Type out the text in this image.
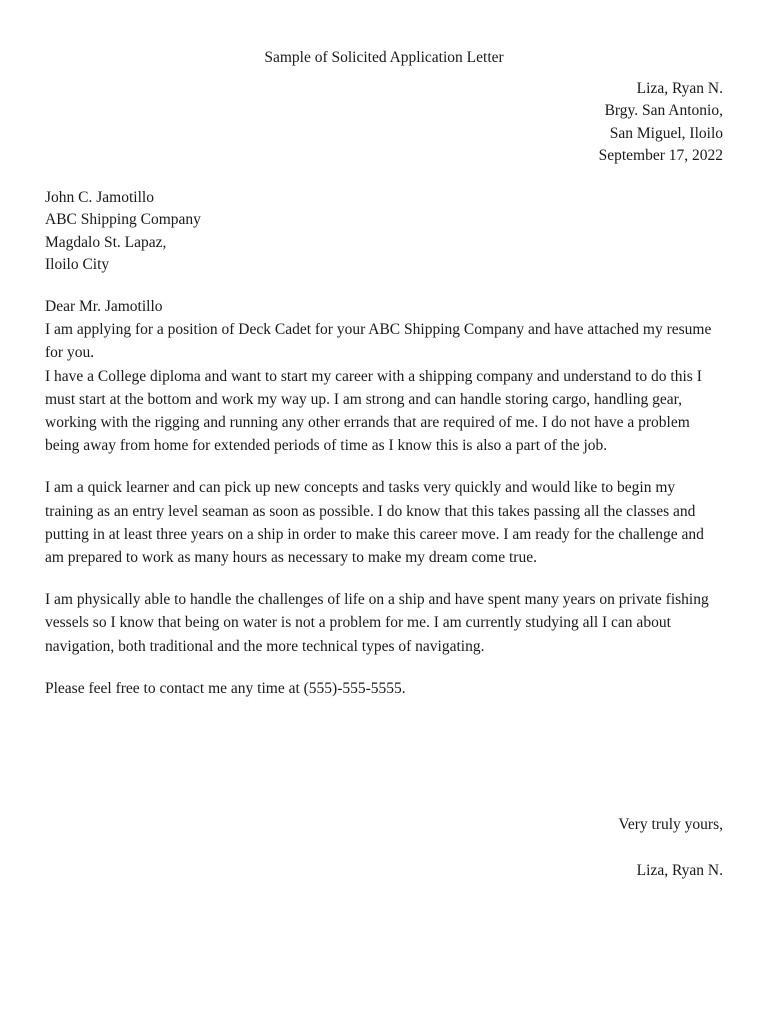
Sample of Solicited Application Letter
Liza, Ryan N.
Brgy. San Antonio,
San Miguel, Iloilo
September 17, 2022
John C. Jamotillo
ABC Shipping Company
Magdalo St. Lapaz,
Iloilo City

Dear Mr. Jamotillo

I am applying for a position of Deck Cadet for your ABC Shipping Company and have attached my resume for you.

I have a College diploma and want to start my career with a shipping company and understand to do this I must start at the bottom and work my way up. I am strong and can handle storing cargo, handling gear, working with the rigging and running any other errands that are required of me. I do not have a problem being away from home for extended periods of time as I know this is also a part of the job.

I am a quick learner and can pick up new concepts and tasks very quickly and would like to begin my training as an entry level seaman as soon as possible. I do know that this takes passing all the classes and putting in at least three years on a ship in order to make this career move. I am ready for the challenge and am prepared to work as many hours as necessary to make my dream come true.

I am physically able to handle the challenges of life on a ship and have spent many years on private fishing vessels so I know that being on water is not a problem for me. I am currently studying all I can about navigation, both traditional and the more technical types of navigating.

Please feel free to contact me any time at (555)-555-5555.

Very truly yours,
Liza, Ryan N.
